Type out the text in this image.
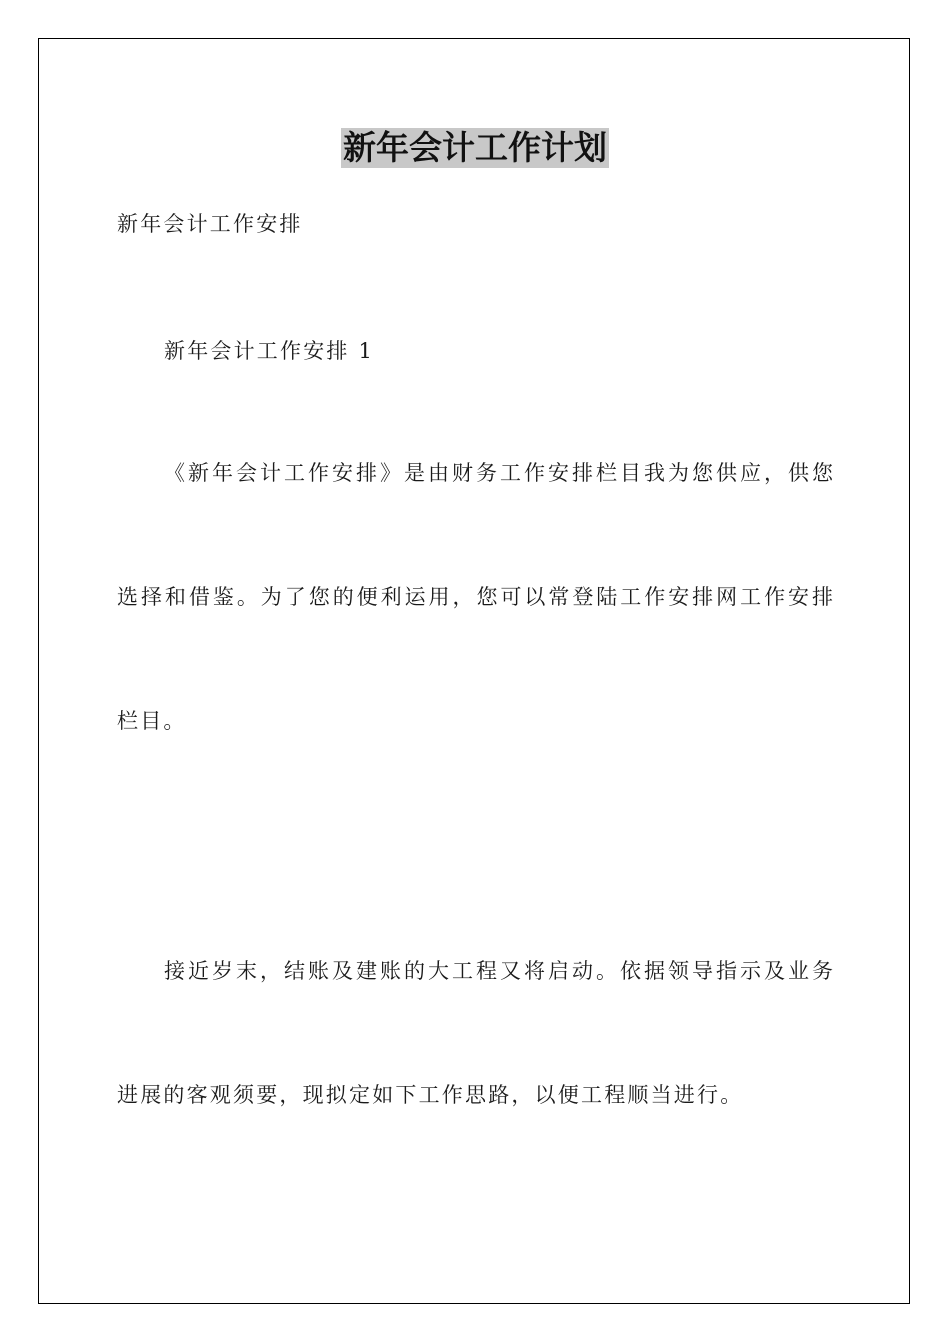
新年会计工作计划
新年会计工作安排
新年会计工作安排 1
《新年会计工作安排》是由财务工作安排栏目我为您供应，供您
选择和借鉴。为了您的便利运用，您可以常登陆工作安排网工作安排
栏目。
接近岁末，结账及建账的大工程又将启动。依据领导指示及业务
进展的客观须要，现拟定如下工作思路，以便工程顺当进行。
